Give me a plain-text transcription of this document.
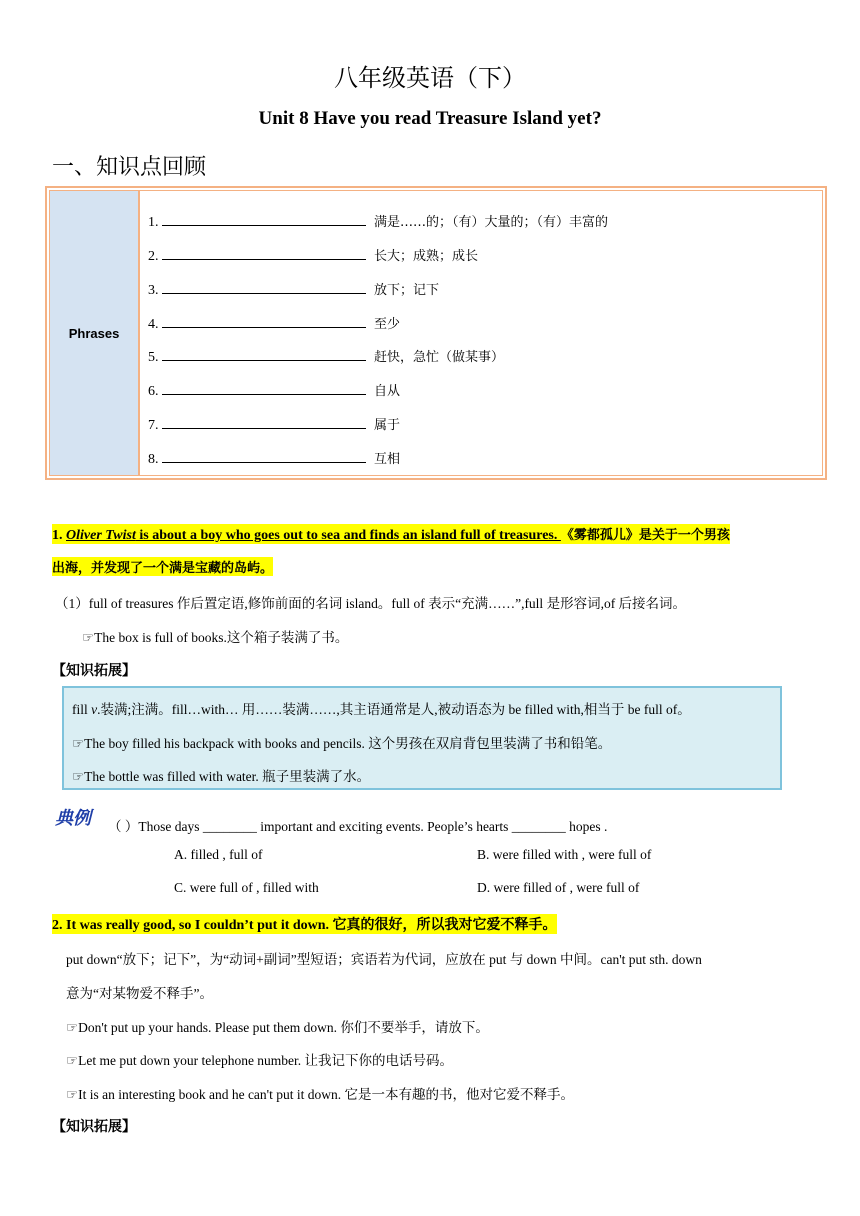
八年级英语（下）
Unit 8 Have you read Treasure Island yet?
一、知识点回顾
Phrases
1.	满是……的；（有）大量的；（有）丰富的
2.	长大；成熟；成长
3.	放下；记下
4.	至少
5.	赶快，急忙（做某事）
6.	自从
7.	属于
8.	互相
1. Oliver Twist is about a boy who goes out to sea and finds an island full of treasures. 《雾都孤儿》是关于一个男孩
出海，并发现了一个满是宝藏的岛屿。
（1）full of treasures 作后置定语,修饰前面的名词 island。full of 表示“充满……”,full 是形容词,of 后接名词。
☞The box is full of books.这个箱子装满了书。
【知识拓展】
fill v.装满;注满。fill…with… 用……装满……,其主语通常是人,被动语态为 be filled with,相当于 be full of。
☞The boy filled his backpack with books and pencils. 这个男孩在双肩背包里装满了书和铅笔。
☞The bottle was filled with water. 瓶子里装满了水。
典例 （ ）Those days ________ important and exciting events. People’s hearts ________ hopes .
A. filled , full of	B. were filled with , were full of
C. were full of , filled with	D. were filled of , were full of
2. It was really good, so I couldn’t put it down. 它真的很好，所以我对它爱不释手。
put down“放下；记下”，为“动词+副词”型短语；宾语若为代词，应放在 put 与 down 中间。can't put sth. down
意为“对某物爱不释手”。
☞Don't put up your hands. Please put them down. 你们不要举手，请放下。
☞Let me put down your telephone number. 让我记下你的电话号码。
☞It is an interesting book and he can't put it down. 它是一本有趣的书，他对它爱不释手。
【知识拓展】
